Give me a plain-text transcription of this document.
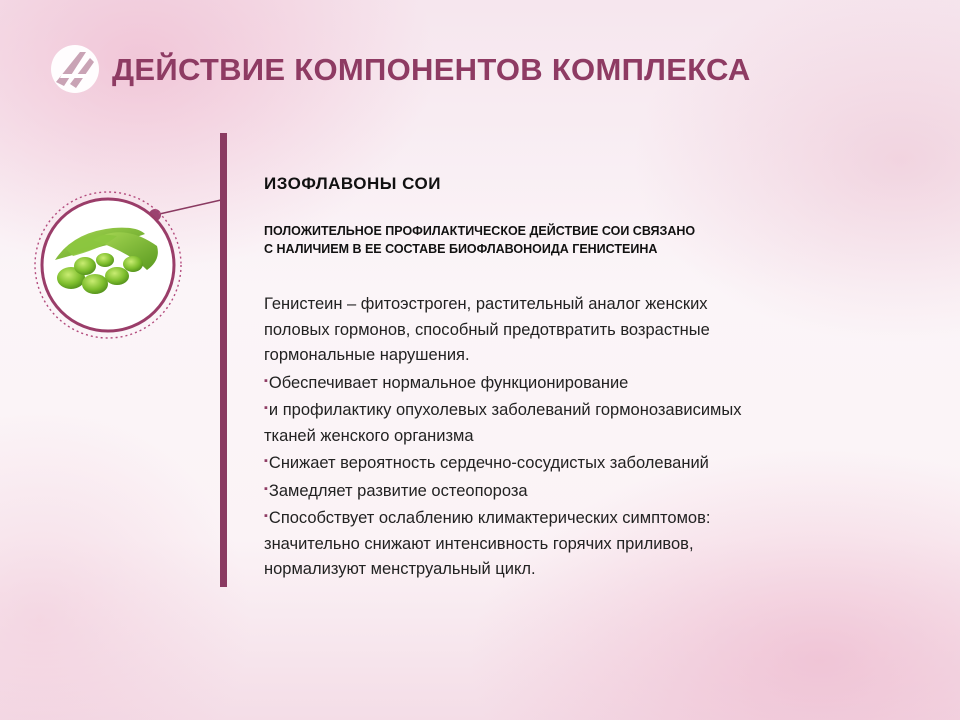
ДЕЙСТВИЕ КОМПОНЕНТОВ КОМПЛЕКСА
ИЗОФЛАВОНЫ СОИ
ПОЛОЖИТЕЛЬНОЕ ПРОФИЛАКТИЧЕСКОЕ ДЕЙСТВИЕ СОИ СВЯЗАНО
С НАЛИЧИЕМ В ЕЕ СОСТАВЕ БИОФЛАВОНОИДА ГЕНИСТЕИНА
Генистеин – фитоэстроген, растительный аналог женских
половых гормонов, способный предотвратить возрастные
гормональные нарушения.
▪Обеспечивает нормальное функционирование
▪и профилактику опухолевых заболеваний гормонозависимых
тканей женского организма
▪Снижает вероятность сердечно-сосудистых заболеваний
▪Замедляет развитие остеопороза
▪Способствует ослаблению климактерических симптомов:
значительно снижают интенсивность горячих приливов,
нормализуют менструальный цикл.
